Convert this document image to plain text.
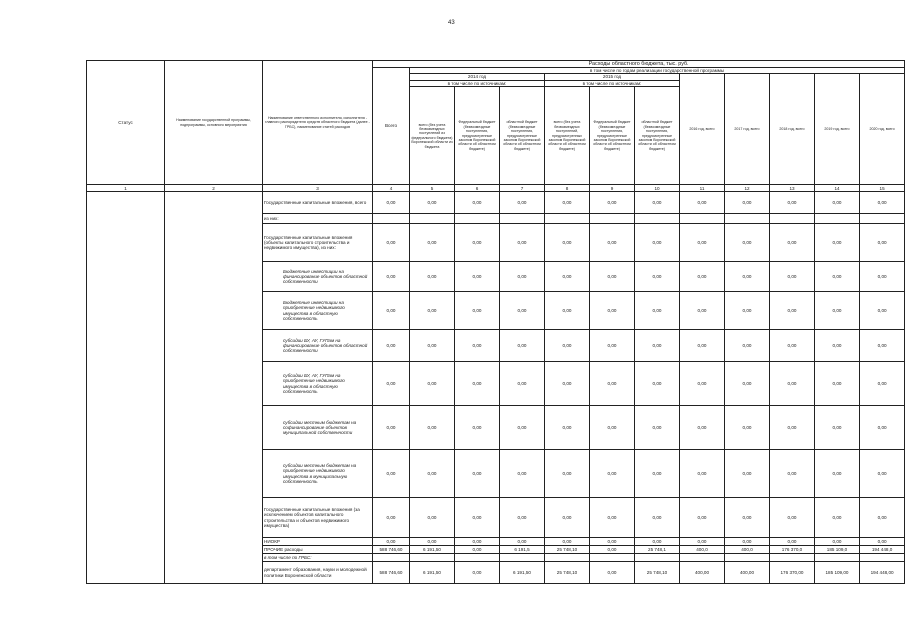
43
Статус	Наименование государственной программы, подпрограммы, основного мероприятия	Наименование ответственного исполнителя, исполнителя - главного распорядителя средств областного бюджета (далее - ГРБС), наименование статей расходов	Расходы областного бюджета, тыс. руб.											
			Всего	в том числе по годам реализации государственной программы										
				2014 год			2015 год			2016 год, всего	2017 год, всего	2018 год, всего	2019 год, всего	2020 год, всего
				в том числе по источникам:			в том числе по источникам:							
				всего (без учета безвозмездных поступлений из федерального бюджета) Воронежской области из бюджета	Федеральный бюджет (безвозмездные поступления, предусмотренные законом Воронежской области об областном бюджете)	областной бюджет (безвозмездные поступления, предусмотренные законом Воронежской области об областном бюджете)	всего (без учета безвозмездных поступлений, предусмотренных законом Воронежской области об областном бюджете)	Федеральный бюджет (безвозмездные поступления, предусмотренные законом Воронежской области об областном бюджете)	областной бюджет (безвозмездные поступления, предусмотренные законом Воронежской области об областном бюджете)					
1	2	3	4	5	6	7	8	9	10	11	12	13	14	15
		Государственные капитальные вложения, всего	0,00	0,00	0,00	0,00	0,00	0,00	0,00	0,00	0,00	0,00	0,00	0,00
		из них:												
		Государственные капитальные вложения (объекты капитального строительства и недвижимого имущества), из них:	0,00	0,00	0,00	0,00	0,00	0,00	0,00	0,00	0,00	0,00	0,00	0,00
		Бюджетные инвестиции на финансирование объектов областной собственности	0,00	0,00	0,00	0,00	0,00	0,00	0,00	0,00	0,00	0,00	0,00	0,00
		Бюджетные инвестиции на приобретение недвижимого имущества в областную собственность	0,00	0,00	0,00	0,00	0,00	0,00	0,00	0,00	0,00	0,00	0,00	0,00
		субсидии БУ, АУ, ГУПам на финансирование объектов областной собственности	0,00	0,00	0,00	0,00	0,00	0,00	0,00	0,00	0,00	0,00	0,00	0,00
		субсидии БУ, АУ, ГУПам на приобретение недвижимого имущества в областную собственность	0,00	0,00	0,00	0,00	0,00	0,00	0,00	0,00	0,00	0,00	0,00	0,00
		субсидии местным бюджетам на софинансирование объектов муниципальной собственности	0,00	0,00	0,00	0,00	0,00	0,00	0,00	0,00	0,00	0,00	0,00	0,00
		субсидии местным бюджетам на приобретение недвижимого имущества в муниципальную собственность	0,00	0,00	0,00	0,00	0,00	0,00	0,00	0,00	0,00	0,00	0,00	0,00
		Государственные капитальные вложения (за исключением объектов капитального строительства и объектов недвижимого имущества)	0,00	0,00	0,00	0,00	0,00	0,00	0,00	0,00	0,00	0,00	0,00	0,00
		НИОКР	0,00	0,00	0,00	0,00	0,00	0,00	0,00	0,00	0,00	0,00	0,00	0,00
		ПРОЧИЕ расходы	588 746,60	6 191,50	0,00	6 191,5	25 748,10	0,00	25 748,1	400,0	400,0	176 370,0	185 109,0	194 448,0
		в том числе по ГРБС:												
		департамент образования, науки и молодежной политики Воронежской области	588 746,60	6 191,50	0,00	6 191,50	25 748,10	0,00	25 748,10	400,00	400,00	176 370,00	185 109,00	194 448,00
